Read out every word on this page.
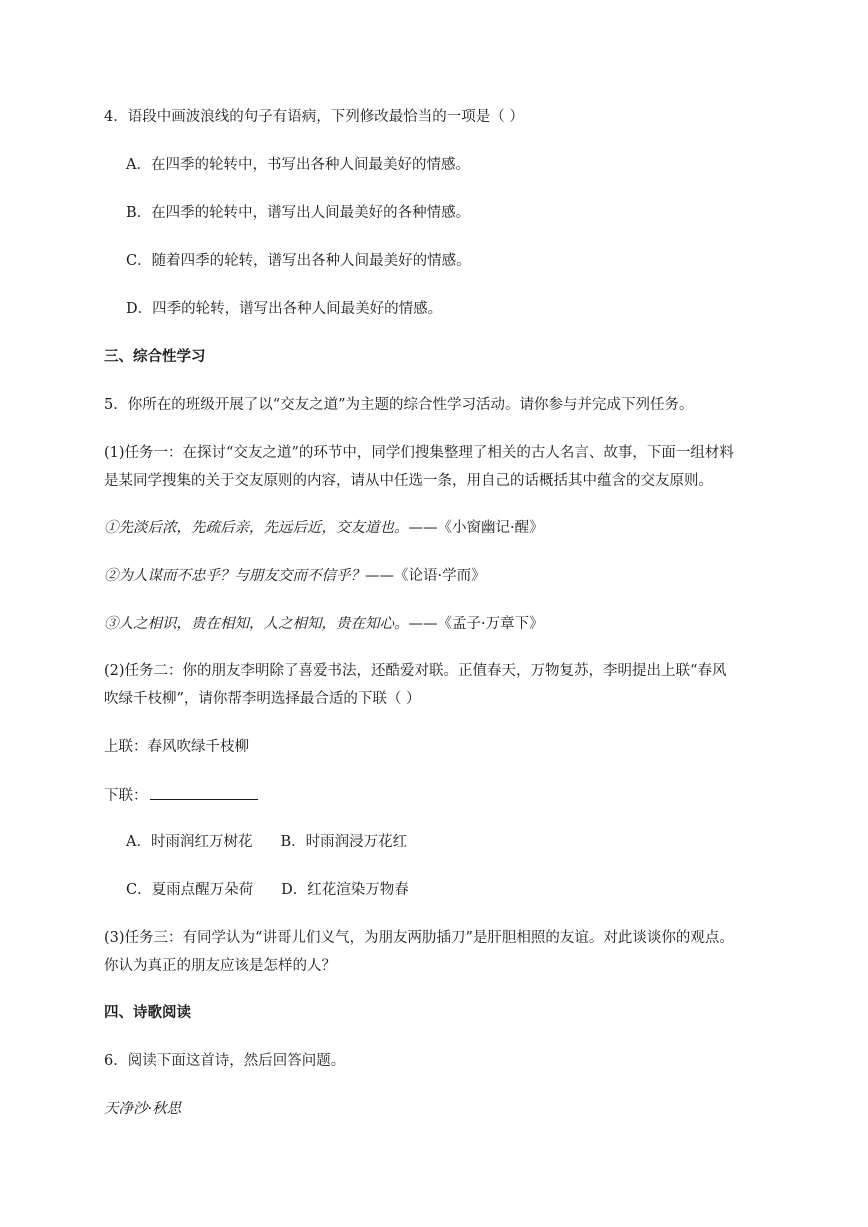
4．语段中画波浪线的句子有语病，下列修改最恰当的一项是（ ）
A．在四季的轮转中，书写出各种人间最美好的情感。
B．在四季的轮转中，谱写出人间最美好的各种情感。
C．随着四季的轮转，谱写出各种人间最美好的情感。
D．四季的轮转，谱写出各种人间最美好的情感。
三、综合性学习
5．你所在的班级开展了以“交友之道”为主题的综合性学习活动。请你参与并完成下列任务。
(1)任务一：在探讨“交友之道”的环节中，同学们搜集整理了相关的古人名言、故事，下面一组材料
是某同学搜集的关于交友原则的内容，请从中任选一条，用自己的话概括其中蕴含的交友原则。
①先淡后浓，先疏后亲，先远后近，交友道也。——《小窗幽记·醒》
②为人谋而不忠乎？与朋友交而不信乎？——《论语·学而》
③人之相识，贵在相知，人之相知，贵在知心。——《孟子·万章下》
(2)任务二：你的朋友李明除了喜爱书法，还酷爱对联。正值春天，万物复苏，李明提出上联“春风
吹绿千枝柳”，请你帮李明选择最合适的下联（ ）
上联：春风吹绿千枝柳
下联：
A．时雨润红万树花 B．时雨润浸万花红
C．夏雨点醒万朵荷 D．红花渲染万物春
(3)任务三：有同学认为“讲哥儿们义气，为朋友两肋插刀”是肝胆相照的友谊。对此谈谈你的观点。
你认为真正的朋友应该是怎样的人？
四、诗歌阅读
6．阅读下面这首诗，然后回答问题。
天净沙·秋思
